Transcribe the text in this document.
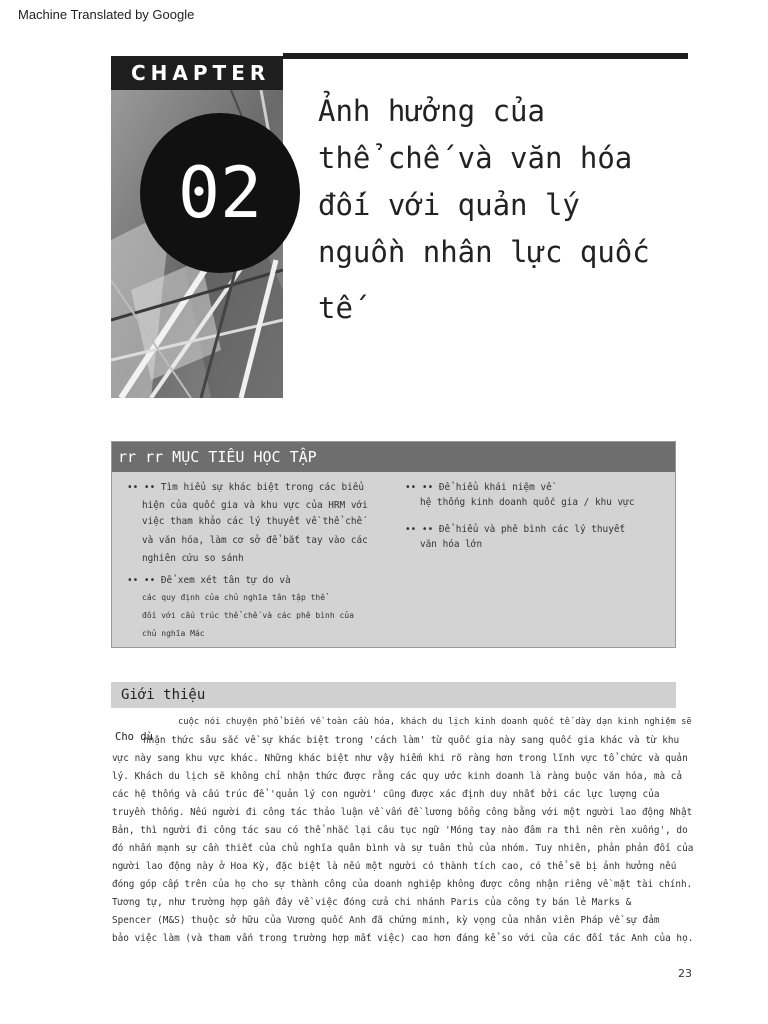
Machine Translated by Google
CHAPTER
02
Ảnh hưởng của
thể chế và văn hóa
đối với quản lý
nguồn nhân lực quốc
tế
rr rr MỤC TIÊU HỌC TẬP
•• •• Tìm hiểu sự khác biệt trong các biểu
hiện của quốc gia và khu vực của HRM với
việc tham khảo các lý thuyết về thể chế
và văn hóa, làm cơ sở để bắt tay vào các
nghiên cứu so sánh
•• •• Để xem xét tân tự do và
các quy định của chủ nghĩa tân tập thể
đối với cấu trúc thể chế và các phê bình của
chủ nghĩa Mác
•• •• Để hiểu khái niệm về
hệ thống kinh doanh quốc gia / khu vực
•• •• Để hiểu và phê bình các lý thuyết
văn hóa lớn
Giới thiệu
Cho dù
cuộc nói chuyện phổ biến về toàn cầu hóa, khách du lịch kinh doanh quốc tế dày dạn kinh nghiệm sẽ
nhận thức sâu sắc về sự khác biệt trong 'cách làm' từ quốc gia này sang quốc gia khác và từ khu
vực này sang khu vực khác. Những khác biệt như vậy hiếm khi rõ ràng hơn trong lĩnh vực tổ chức và quản
lý. Khách du lịch sẽ không chỉ nhận thức được rằng các quy ước kinh doanh là ràng buộc văn hóa, mà cả
các hệ thống và cấu trúc để 'quản lý con người' cũng được xác định duy nhất bởi các lực lượng của
truyền thống. Nếu người đi công tác thảo luận về vấn đề lương bổng công bằng với một người lao động Nhật
Bản, thì người đi công tác sau có thể nhắc lại câu tục ngữ 'Móng tay nào đâm ra thì nên rèn xuống', do
đó nhấn mạnh sự cần thiết của chủ nghĩa quân bình và sự tuân thủ của nhóm. Tuy nhiên, phản phản đối của
người lao động này ở Hoa Kỳ, đặc biệt là nếu một người có thành tích cao, có thể sẽ bị ảnh hưởng nếu
đóng góp cấp trên của họ cho sự thành công của doanh nghiệp không được công nhận riêng về mặt tài chính.
Tương tự, như trường hợp gần đây về việc đóng cửa chi nhánh Paris của công ty bán lẻ Marks &
Spencer (M&S) thuộc sở hữu của Vương quốc Anh đã chứng minh, kỳ vọng của nhân viên Pháp về sự đảm
bảo việc làm (và tham vấn trong trường hợp mất việc) cao hơn đáng kể so với của các đối tác Anh của họ.
23
